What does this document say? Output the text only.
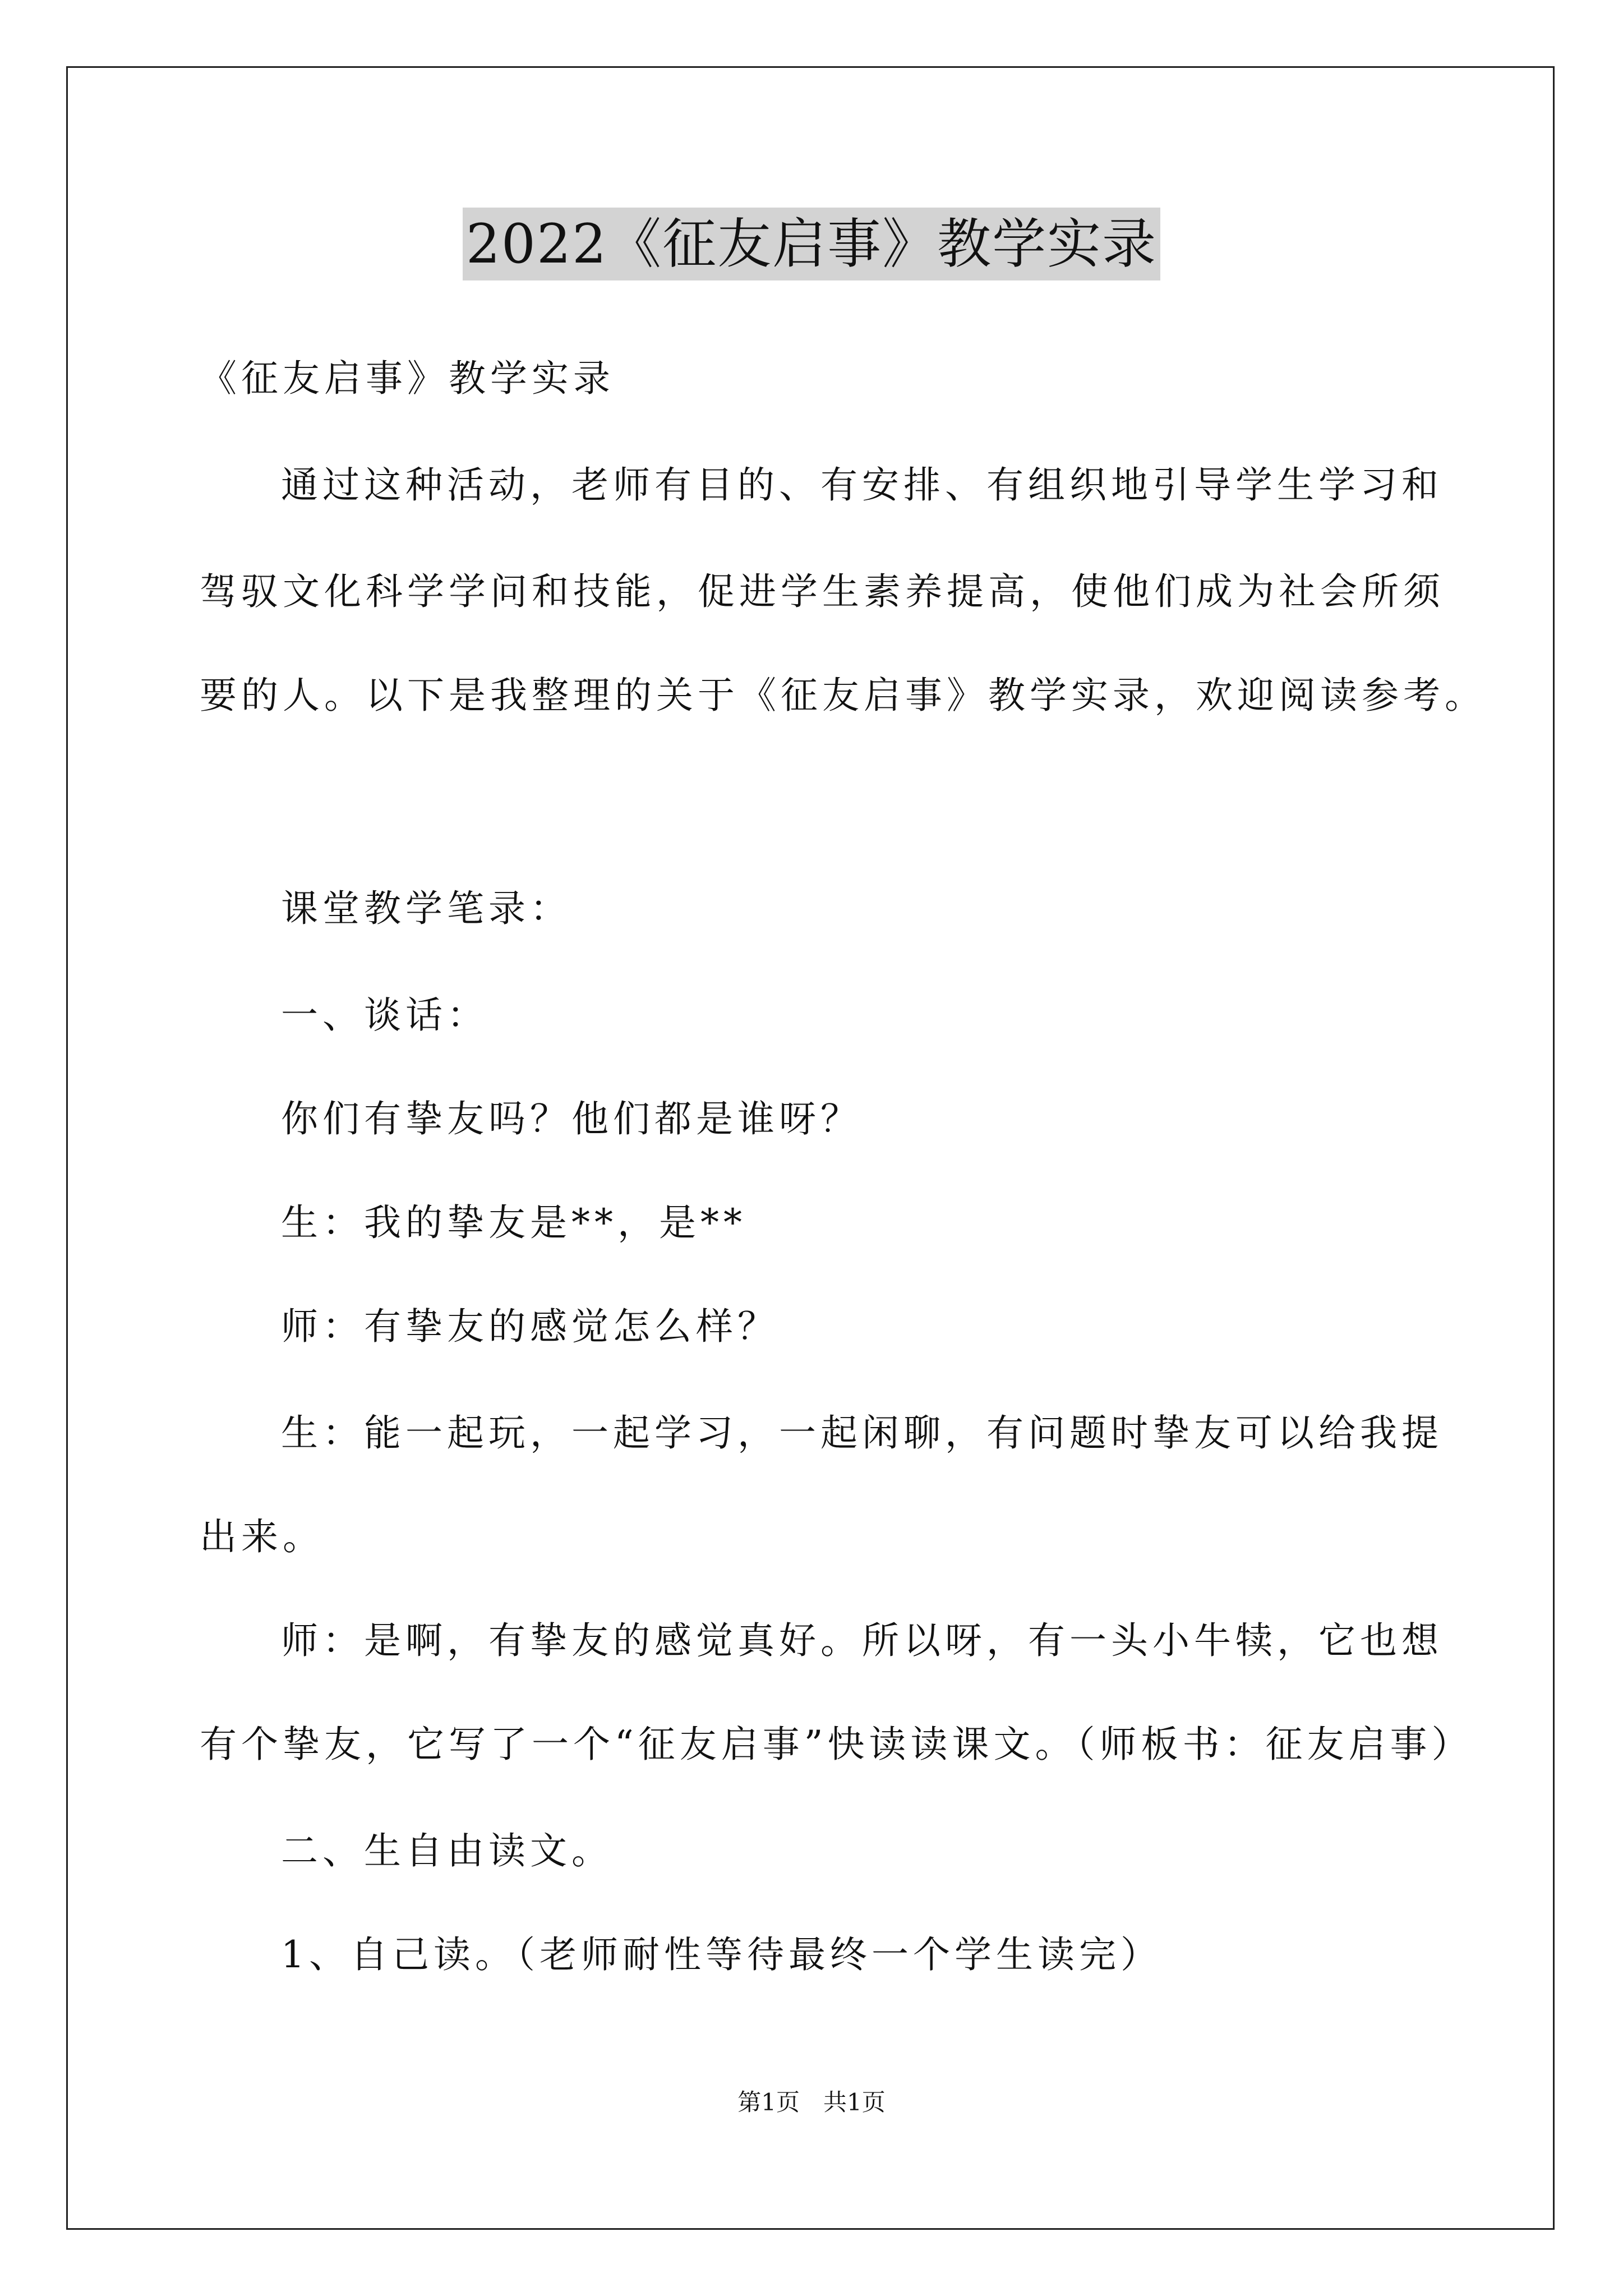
2022《征友启事》教学实录
《征友启事》教学实录
通过这种活动，老师有目的、有安排、有组织地引导学生学习和
驾驭文化科学学问和技能，促进学生素养提高，使他们成为社会所须
要的人。以下是我整理的关于《征友启事》教学实录，欢迎阅读参考。
课堂教学笔录：
一、谈话：
你们有挚友吗？他们都是谁呀？
生：我的挚友是**，是**
师：有挚友的感觉怎么样？
生：能一起玩，一起学习，一起闲聊，有问题时挚友可以给我提
出来。
师：是啊，有挚友的感觉真好。所以呀，有一头小牛犊，它也想
有个挚友，它写了一个“征友启事”快读读课文。（师板书：征友启事）
二、生自由读文。
1、自己读。（老师耐性等待最终一个学生读完）
第1页　共1页
